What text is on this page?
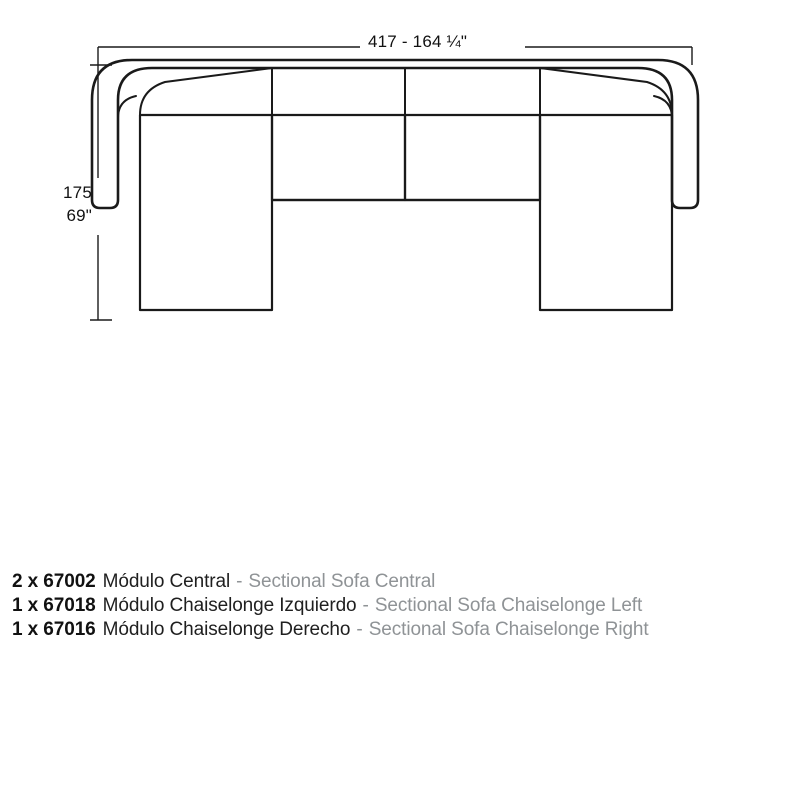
417 - 164 ¼"
175
69"
2 x 67002 Módulo Central - Sectional Sofa Central
1 x 67018 Módulo Chaiselonge Izquierdo - Sectional Sofa Chaiselonge Left
1 x 67016 Módulo Chaiselonge Derecho - Sectional Sofa Chaiselonge Right
